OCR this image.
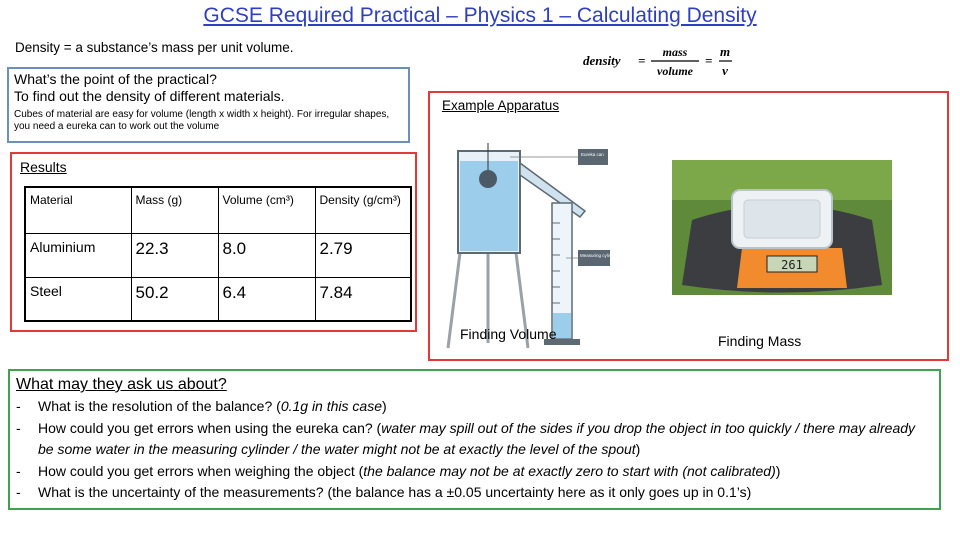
GCSE Required Practical – Physics 1 – Calculating Density
Density = a substance’s mass per unit volume.
density =
mass
volume
=
m
v
What’s the point of the practical?
To find out the density of different materials.
Cubes of material are easy for volume (length x width x height). For irregular shapes, you need a eureka can to work out the volume
Example Apparatus
Eureka can
Measuring cylinder
261
Finding Volume	Finding Mass
Results
Material	Mass (g)	Volume (cm³)	Density (g/cm³)
Aluminium	22.3	8.0	2.79
Steel	50.2	6.4	7.84
What may they ask us about?
- What is the resolution of the balance? (0.1g in this case)
- How could you get errors when using the eureka can? (water may spill out of the sides if you drop the object in too quickly / there may already be some water in the measuring cylinder / the water might not be at exactly the level of the spout)
- How could you get errors when weighing the object (the balance may not be at exactly zero to start with (not calibrated))
- What is the uncertainty of the measurements? (the balance has a ±0.05 uncertainty here as it only goes up in 0.1’s)
